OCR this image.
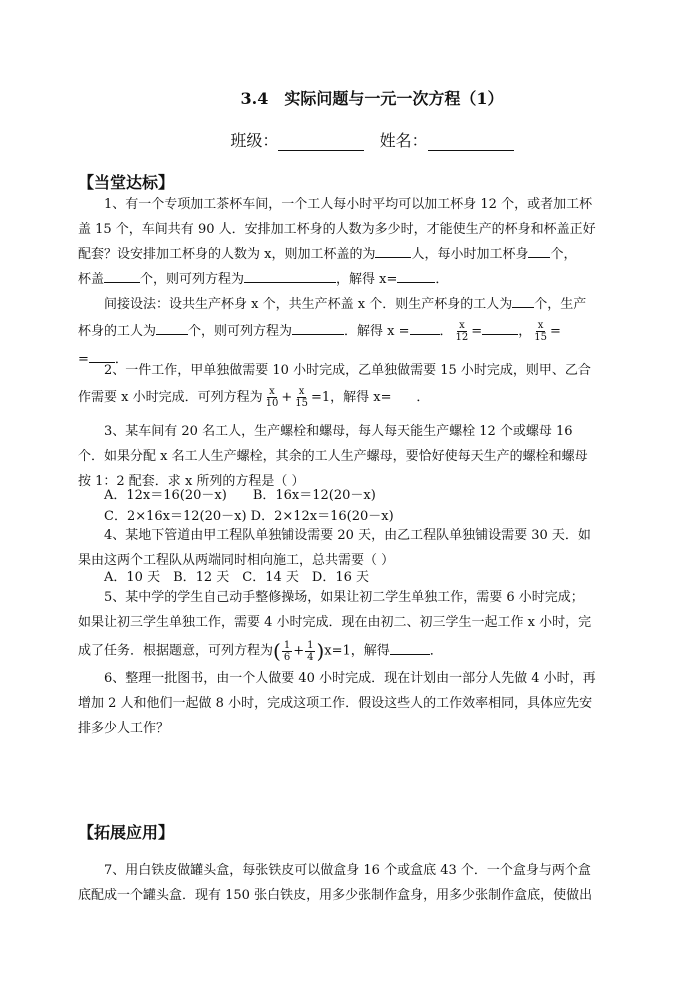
3.4　实际问题与一元一次方程（1）
班级：	姓名：
【当堂达标】
1、有一个专项加工茶杯车间，一个工人每小时平均可以加工杯身 12 个，或者加工杯
盖 15 个，车间共有 90 人．安排加工杯身的人数为多少时，才能使生产的杯身和杯盖正好
配套？设安排加工杯身的人数为 x，则加工杯盖的为	人，每小时加工杯身 个，
杯盖	个，则可列方程为	，解得 x=	．
间接设法：设共生产杯身 x 个，共生产杯盖 x 个．则生产杯身的工人为 个，生产
杯身的工人为 个，则可列方程为	．解得 x = ． $\frac{x}{12}$ =	， $\frac{x}{15}$ =
= ．
2、一件工作，甲单独做需要 10 小时完成，乙单独做需要 15 小时完成，则甲、乙合
作需要 x 小时完成．可列方程为 $\frac{x}{10} + \frac{x}{15} =1$，解得 x= ．
3、某车间有 20 名工人，生产螺栓和螺母，每人每天能生产螺栓 12 个或螺母 16
个．如果分配 x 名工人生产螺栓，其余的工人生产螺母，要恰好使每天生产的螺栓和螺母
按 1：2 配套．求 x 所列的方程是（ ）
A．12x＝16(20－x)　　B．16x＝12(20－x)
C．2×16x＝12(20－x) D．2×12x＝16(20－x)
4、某地下管道由甲工程队单独铺设需要 20 天，由乙工程队单独铺设需要 30 天．如
果由这两个工程队从两端同时相向施工，总共需要（ ）
A．10 天　B．12 天　C．14 天　D．16 天
5、某中学的学生自己动手整修操场，如果让初二学生单独工作，需要 6 小时完成；
如果让初三学生单独工作，需要 4 小时完成．现在由初二、初三学生一起工作 x 小时，完
成了任务．根据题意，可列方程为( $\frac{1}{6} + \frac{1}{4} )x=1$，解得	．
6、整理一批图书，由一个人做要 40 小时完成．现在计划由一部分人先做 4 小时，再
增加 2 人和他们一起做 8 小时，完成这项工作．假设这些人的工作效率相同，具体应先安
排多少人工作？
【拓展应用】
7、用白铁皮做罐头盒，每张铁皮可以做盒身 16 个或盒底 43 个．一个盒身与两个盒
底配成一个罐头盒．现有 150 张白铁皮，用多少张制作盒身，用多少张制作盒底，使做出
